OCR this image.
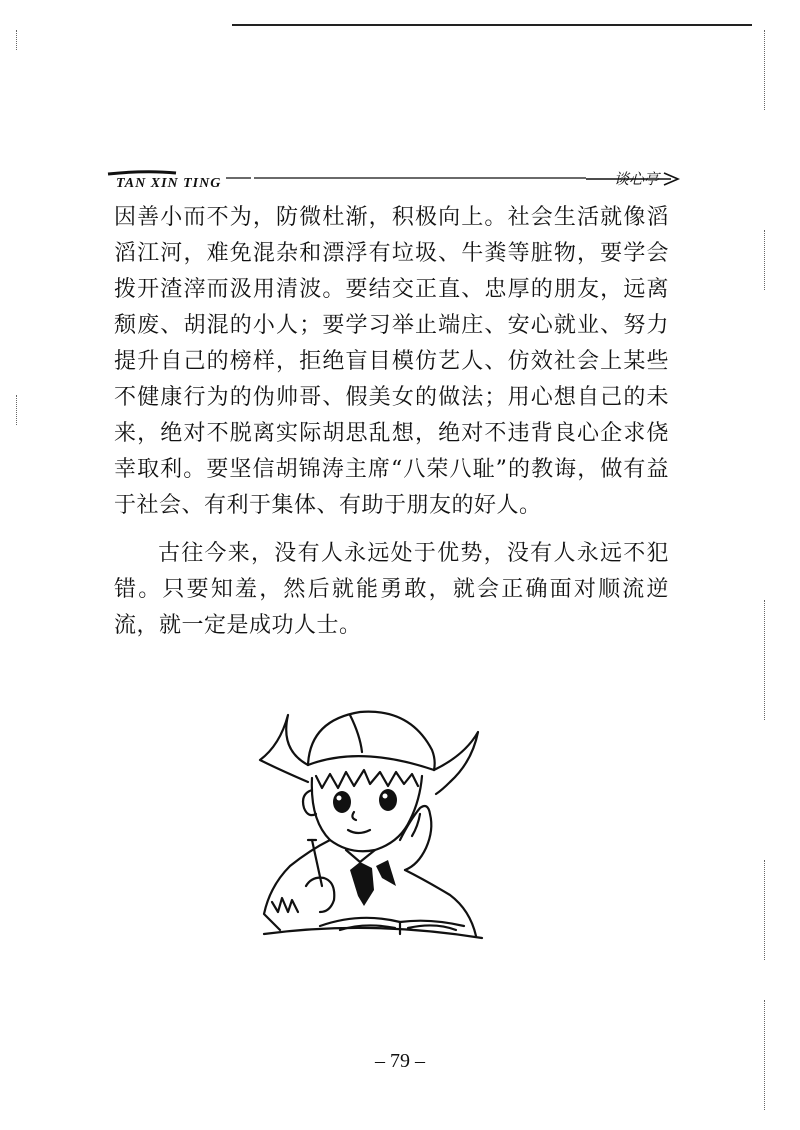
TAN XIN TING	谈心亭

因善小而不为，防微杜渐，积极向上。社会生活就像滔滔江河，难免混杂和漂浮有垃圾、牛粪等脏物，要学会拨开渣滓而汲用清波。要结交正直、忠厚的朋友，远离颓废、胡混的小人；要学习举止端庄、安心就业、努力提升自己的榜样，拒绝盲目模仿艺人、仿效社会上某些不健康行为的伪帅哥、假美女的做法；用心想自己的未来，绝对不脱离实际胡思乱想，绝对不违背良心企求侥幸取利。要坚信胡锦涛主席“八荣八耻”的教诲，做有益于社会、有利于集体、有助于朋友的好人。

古往今来，没有人永远处于优势，没有人永远不犯错。只要知羞，然后就能勇敢，就会正确面对顺流逆流，就一定是成功人士。

– 79 –
